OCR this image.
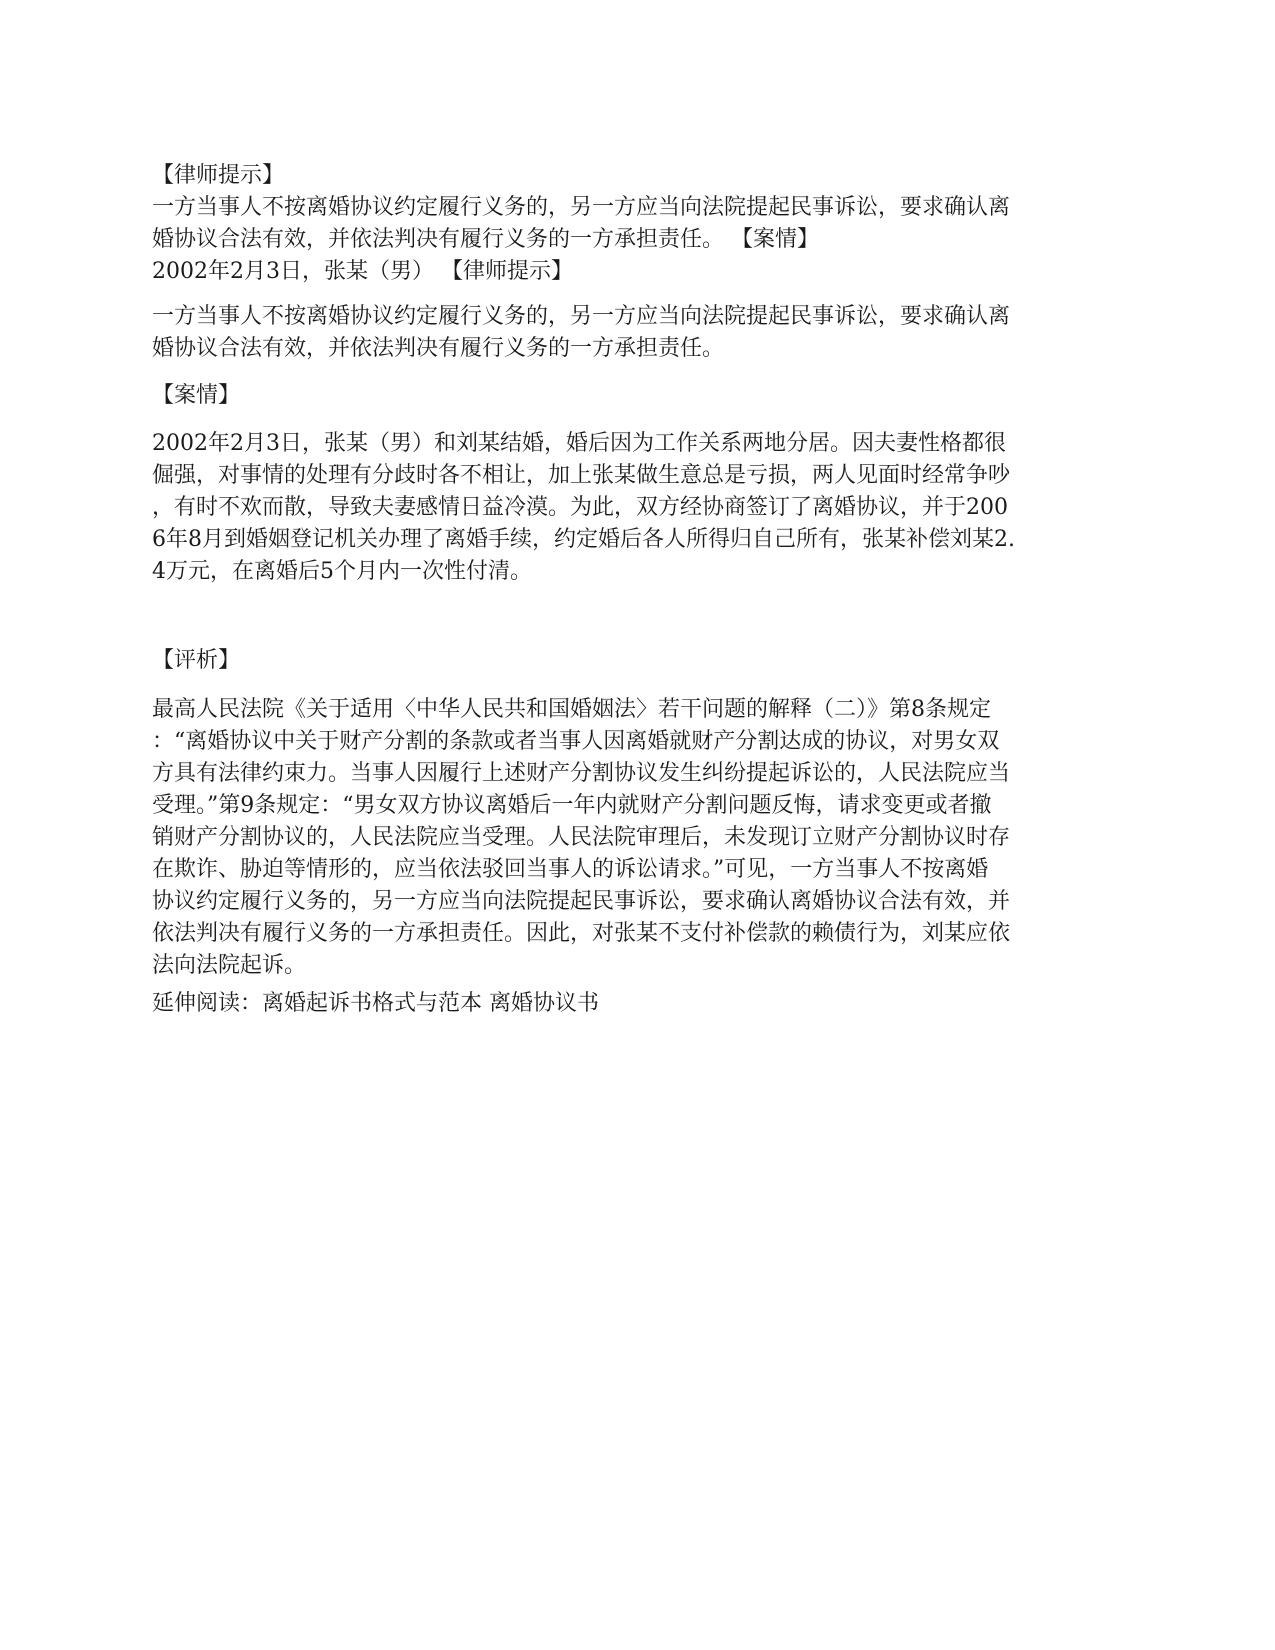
【律师提示】
一方当事人不按离婚协议约定履行义务的，另一方应当向法院提起民事诉讼，要求确认离
婚协议合法有效，并依法判决有履行义务的一方承担责任。 【案情】
2002年2月3日，张某（男） 【律师提示】
一方当事人不按离婚协议约定履行义务的，另一方应当向法院提起民事诉讼，要求确认离
婚协议合法有效，并依法判决有履行义务的一方承担责任。
【案情】
2002年2月3日，张某（男）和刘某结婚，婚后因为工作关系两地分居。因夫妻性格都很
倔强，对事情的处理有分歧时各不相让，加上张某做生意总是亏损，两人见面时经常争吵
，有时不欢而散，导致夫妻感情日益冷漠。为此，双方经协商签订了离婚协议，并于200
6年8月到婚姻登记机关办理了离婚手续，约定婚后各人所得归自己所有，张某补偿刘某2.
4万元，在离婚后5个月内一次性付清。
【评析】
最高人民法院《关于适用〈中华人民共和国婚姻法〉若干问题的解释（二）》第8条规定
：“离婚协议中关于财产分割的条款或者当事人因离婚就财产分割达成的协议，对男女双
方具有法律约束力。当事人因履行上述财产分割协议发生纠纷提起诉讼的，人民法院应当
受理。”第9条规定：“男女双方协议离婚后一年内就财产分割问题反悔，请求变更或者撤
销财产分割协议的，人民法院应当受理。人民法院审理后，未发现订立财产分割协议时存
在欺诈、胁迫等情形的，应当依法驳回当事人的诉讼请求。”可见，一方当事人不按离婚
协议约定履行义务的，另一方应当向法院提起民事诉讼，要求确认离婚协议合法有效，并
依法判决有履行义务的一方承担责任。因此，对张某不支付补偿款的赖债行为，刘某应依
法向法院起诉。
延伸阅读：离婚起诉书格式与范本 离婚协议书
